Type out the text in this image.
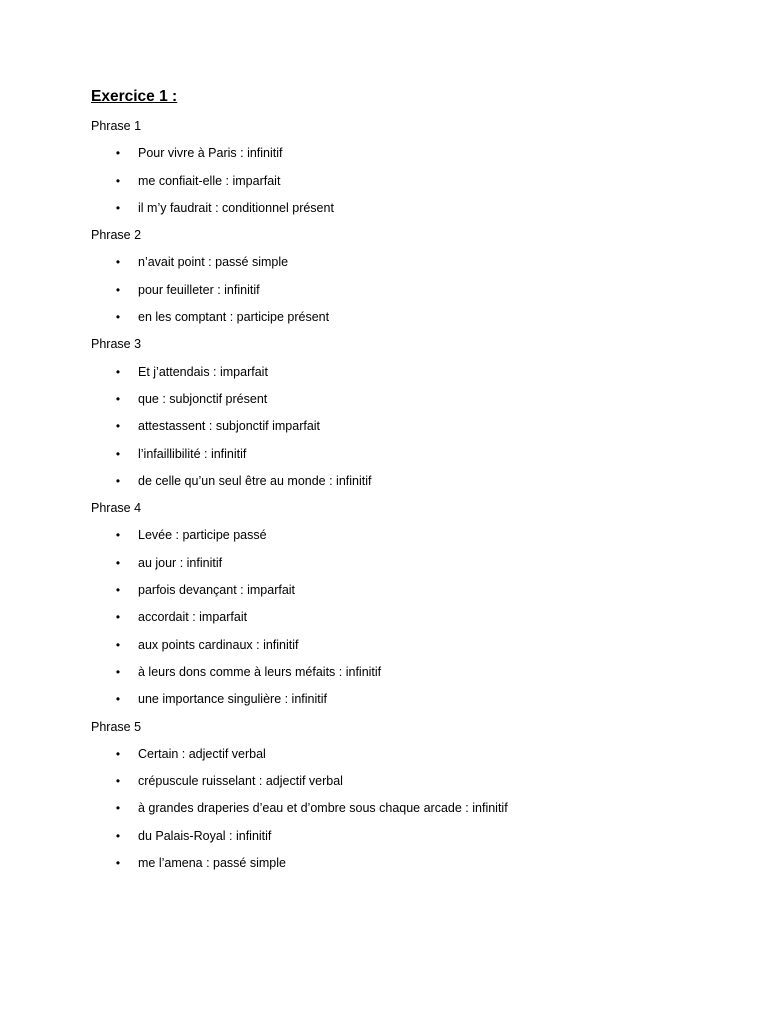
Exercice 1 :
Phrase 1
• Pour vivre à Paris : infinitif
• me confiait-elle : imparfait
• il m’y faudrait : conditionnel présent
Phrase 2
• n’avait point : passé simple
• pour feuilleter : infinitif
• en les comptant : participe présent
Phrase 3
• Et j’attendais : imparfait
• que : subjonctif présent
• attestassent : subjonctif imparfait
• l’infaillibilité : infinitif
• de celle qu’un seul être au monde : infinitif
Phrase 4
• Levée : participe passé
• au jour : infinitif
• parfois devançant : imparfait
• accordait : imparfait
• aux points cardinaux : infinitif
• à leurs dons comme à leurs méfaits : infinitif
• une importance singulière : infinitif
Phrase 5
• Certain : adjectif verbal
• crépuscule ruisselant : adjectif verbal
• à grandes draperies d’eau et d’ombre sous chaque arcade : infinitif
• du Palais-Royal : infinitif
• me l’amena : passé simple
